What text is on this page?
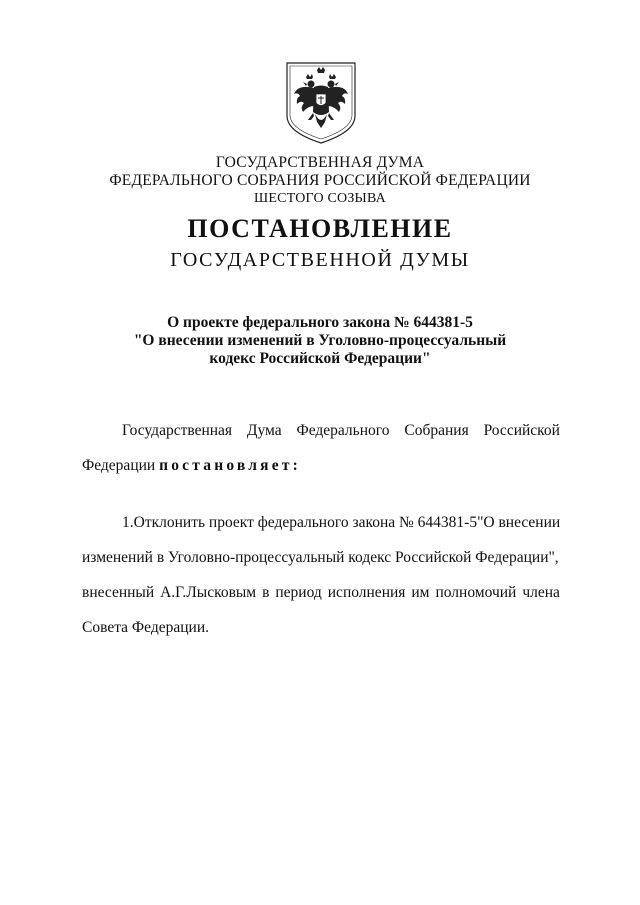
ГОСУДАРСТВЕННАЯ ДУМА
ФЕДЕРАЛЬНОГО СОБРАНИЯ РОССИЙСКОЙ ФЕДЕРАЦИИ
ШЕСТОГО СОЗЫВА
ПОСТАНОВЛЕНИЕ
ГОСУДАРСТВЕННОЙ ДУМЫ
О проекте федерального закона № 644381-5
"О внесении изменений в Уголовно-процессуальный
кодекс Российской Федерации"
Государственная Дума Федерального Собрания Российской
Федерации постановляет:
1. Отклонить проект федерального закона № 644381-5 "О внесении
изменений в Уголовно-процессуальный кодекс Российской Федерации",
внесенный А.Г.Лысковым в период исполнения им полномочий члена
Совета Федерации.
